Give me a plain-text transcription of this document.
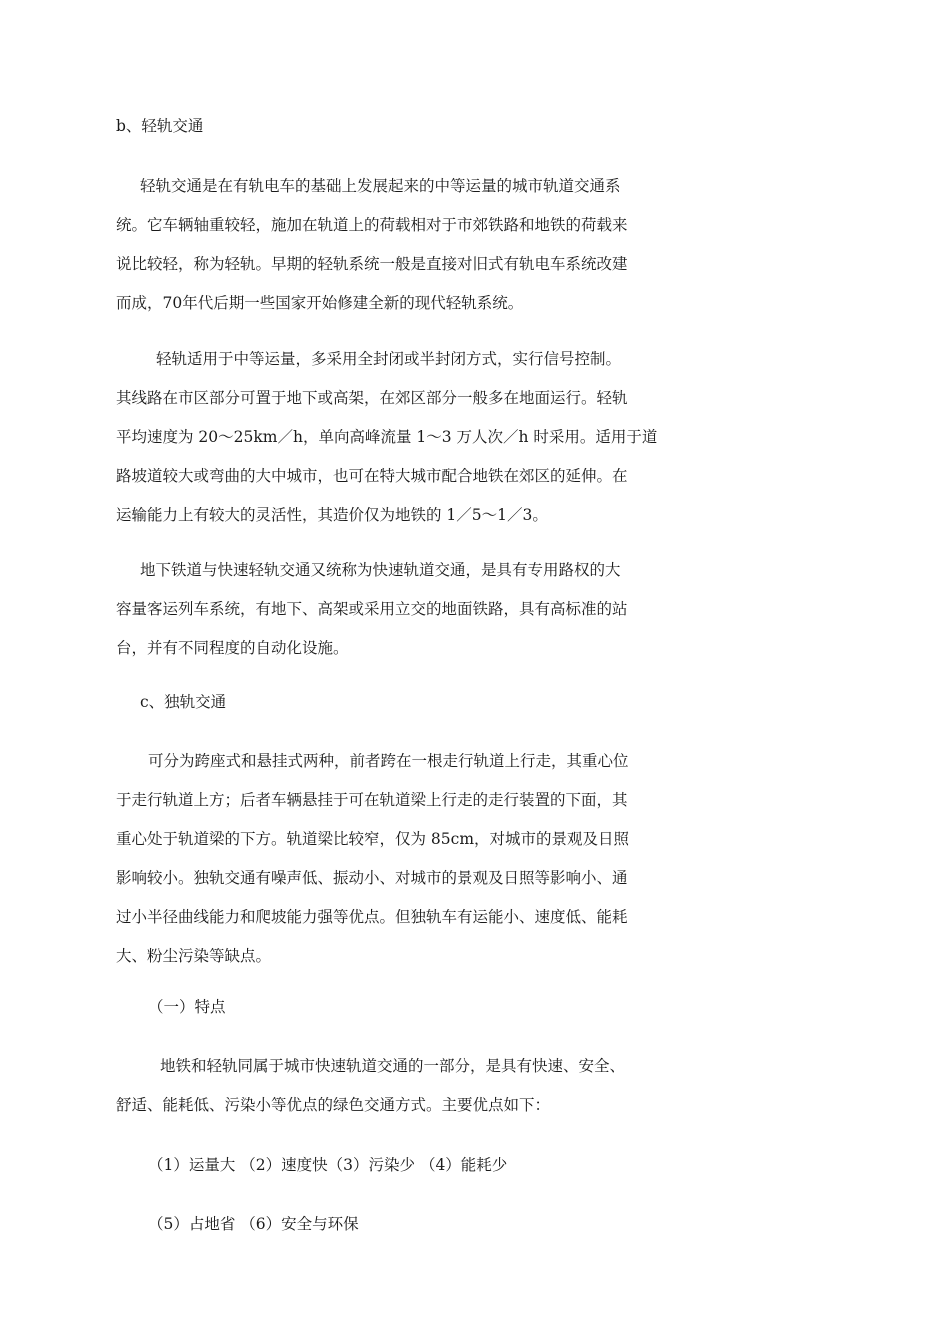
b、轻轨交通
轻轨交通是在有轨电车的基础上发展起来的中等运量的城市轨道交通系
统。它车辆轴重较轻，施加在轨道上的荷载相对于市郊铁路和地铁的荷载来
说比较轻，称为轻轨。早期的轻轨系统一般是直接对旧式有轨电车系统改建
而成，70年代后期一些国家开始修建全新的现代轻轨系统。
轻轨适用于中等运量，多采用全封闭或半封闭方式，实行信号控制。
其线路在市区部分可置于地下或高架，在郊区部分一般多在地面运行。轻轨
平均速度为 20～25km／h，单向高峰流量 1～3 万人次／h 时采用。适用于道
路坡道较大或弯曲的大中城市，也可在特大城市配合地铁在郊区的延伸。在
运输能力上有较大的灵活性，其造价仅为地铁的 1／5～1／3。
地下铁道与快速轻轨交通又统称为快速轨道交通，是具有专用路权的大
容量客运列车系统，有地下、高架或采用立交的地面铁路，具有高标准的站
台，并有不同程度的自动化设施。
c、独轨交通
可分为跨座式和悬挂式两种，前者跨在一根走行轨道上行走，其重心位
于走行轨道上方；后者车辆悬挂于可在轨道梁上行走的走行装置的下面，其
重心处于轨道梁的下方。轨道梁比较窄，仅为 85cm，对城市的景观及日照
影响较小。独轨交通有噪声低、振动小、对城市的景观及日照等影响小、通
过小半径曲线能力和爬坡能力强等优点。但独轨车有运能小、速度低、能耗
大、粉尘污染等缺点。
（一）特点
地铁和轻轨同属于城市快速轨道交通的一部分，是具有快速、安全、
舒适、能耗低、污染小等优点的绿色交通方式。主要优点如下：
（1）运量大 （2）速度快（3）污染少 （4）能耗少
（5）占地省 （6）安全与环保
